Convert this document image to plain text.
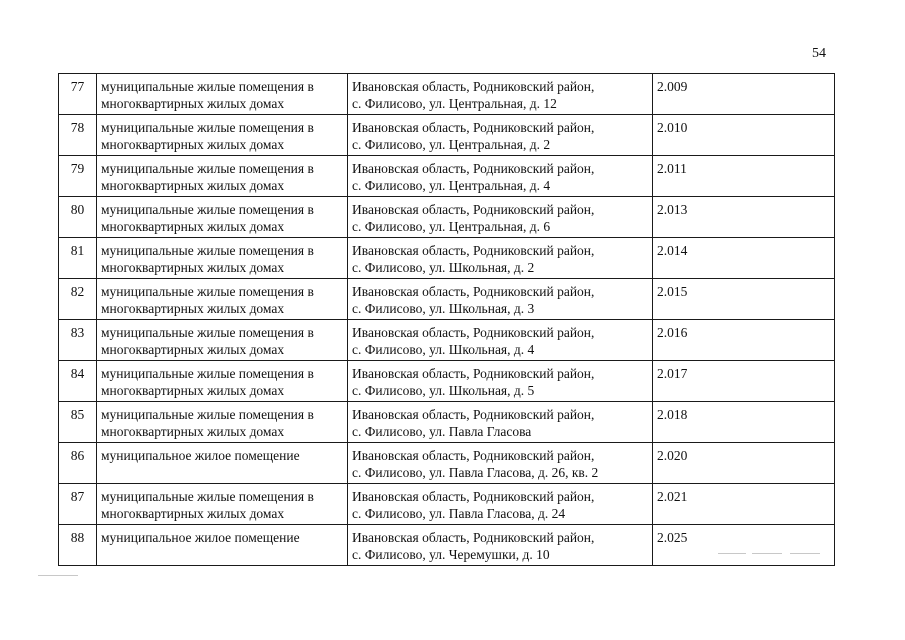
54
77	муниципальные жилые помещения в
многоквартирных жилых домах	Ивановская область, Родниковский район,
с. Филисово, ул. Центральная, д. 12	2.009
78	муниципальные жилые помещения в
многоквартирных жилых домах	Ивановская область, Родниковский район,
с. Филисово, ул. Центральная, д. 2	2.010
79	муниципальные жилые помещения в
многоквартирных жилых домах	Ивановская область, Родниковский район,
с. Филисово, ул. Центральная, д. 4	2.011
80	муниципальные жилые помещения в
многоквартирных жилых домах	Ивановская область, Родниковский район,
с. Филисово, ул. Центральная, д. 6	2.013
81	муниципальные жилые помещения в
многоквартирных жилых домах	Ивановская область, Родниковский район,
с. Филисово, ул. Школьная, д. 2	2.014
82	муниципальные жилые помещения в
многоквартирных жилых домах	Ивановская область, Родниковский район,
с. Филисово, ул. Школьная, д. 3	2.015
83	муниципальные жилые помещения в
многоквартирных жилых домах	Ивановская область, Родниковский район,
с. Филисово, ул. Школьная, д. 4	2.016
84	муниципальные жилые помещения в
многоквартирных жилых домах	Ивановская область, Родниковский район,
с. Филисово, ул. Школьная, д. 5	2.017
85	муниципальные жилые помещения в
многоквартирных жилых домах	Ивановская область, Родниковский район,
с. Филисово, ул. Павла Гласова	2.018
86	муниципальное жилое помещение	Ивановская область, Родниковский район,
с. Филисово, ул. Павла Гласова, д. 26, кв. 2	2.020
87	муниципальные жилые помещения в
многоквартирных жилых домах	Ивановская область, Родниковский район,
с. Филисово, ул. Павла Гласова, д. 24	2.021
88	муниципальное жилое помещение	Ивановская область, Родниковский район,
с. Филисово, ул. Черемушки, д. 10	2.025
